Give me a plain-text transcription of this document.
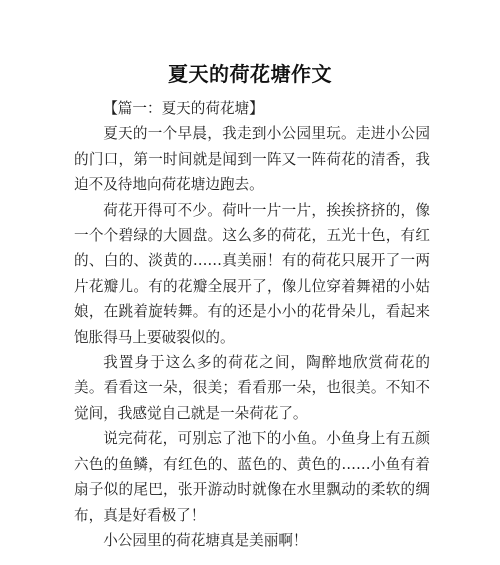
夏天的荷花塘作文

【篇一：夏天的荷花塘】

夏天的一个早晨，我走到小公园里玩。走进小公园的门口，第一时间就是闻到一阵又一阵荷花的清香，我迫不及待地向荷花塘边跑去。

荷花开得可不少。荷叶一片一片，挨挨挤挤的，像一个个碧绿的大圆盘。这么多的荷花，五光十色，有红的、白的、淡黄的……真美丽！有的荷花只展开了一两片花瓣儿。有的花瓣全展开了，像儿位穿着舞裙的小姑娘，在跳着旋转舞。有的还是小小的花骨朵儿，看起来饱胀得马上要破裂似的。

我置身于这么多的荷花之间，陶醉地欣赏荷花的美。看看这一朵，很美；看看那一朵，也很美。不知不觉间，我感觉自己就是一朵荷花了。

说完荷花，可别忘了池下的小鱼。小鱼身上有五颜六色的鱼鳞，有红色的、蓝色的、黄色的……小鱼有着扇子似的尾巴，张开游动时就像在水里飘动的柔软的绸布，真是好看极了！

小公园里的荷花塘真是美丽啊！
